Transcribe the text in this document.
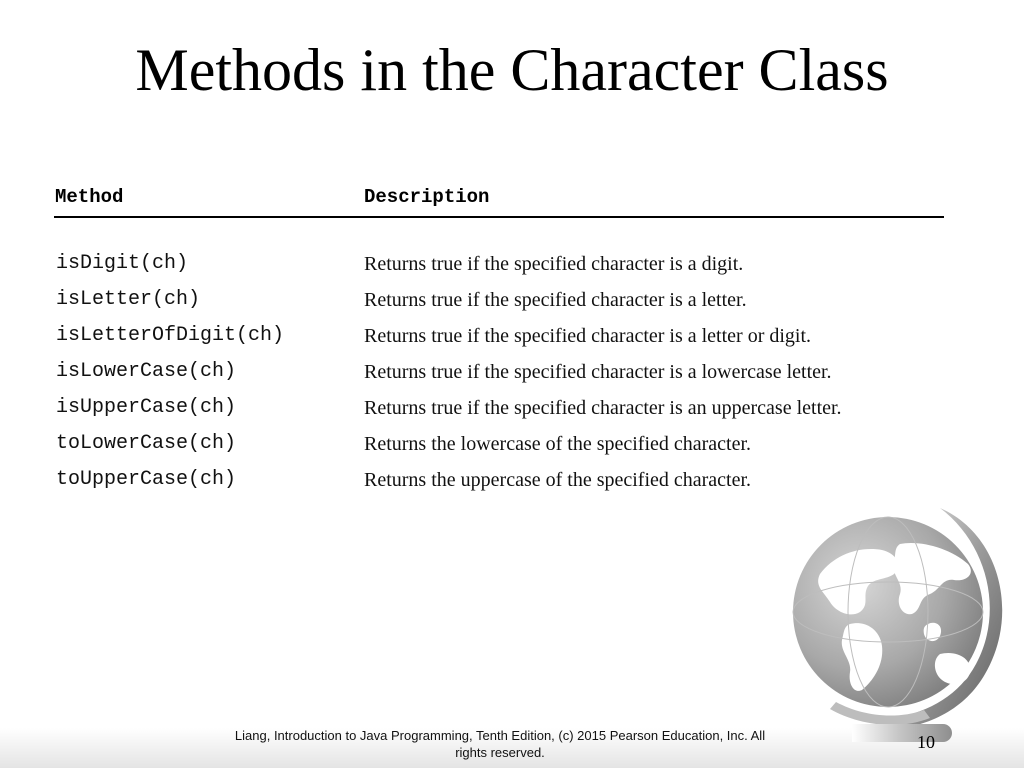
Methods in the Character Class
Method	Description
isDigit(ch)	Returns true if the specified character is a digit.
isLetter(ch)	Returns true if the specified character is a letter.
isLetterOfDigit(ch)	Returns true if the specified character is a letter or digit.
isLowerCase(ch)	Returns true if the specified character is a lowercase letter.
isUpperCase(ch)	Returns true if the specified character is an uppercase letter.
toLowerCase(ch)	Returns the lowercase of the specified character.
toUpperCase(ch)	Returns the uppercase of the specified character.
Liang, Introduction to Java Programming, Tenth Edition, (c) 2015 Pearson Education, Inc. All
rights reserved.
10
